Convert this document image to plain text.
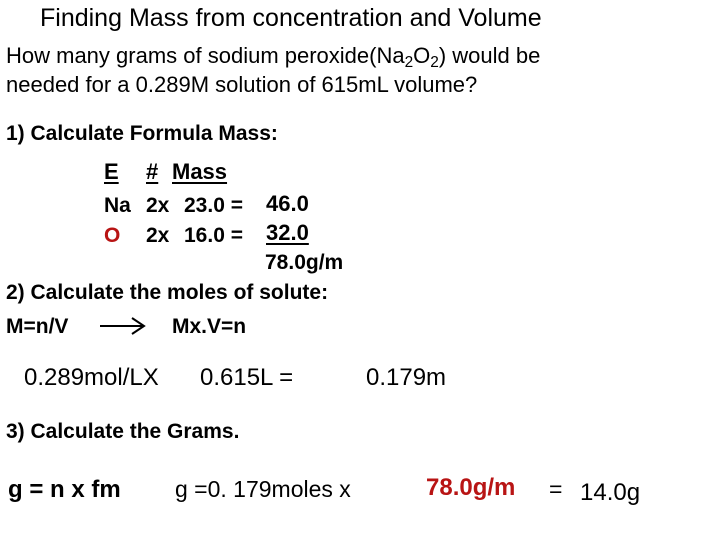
Finding Mass from concentration and Volume
How many grams of sodium $peroxide(Na_2O_2)$ would be
needed for a 0.289M solution of 615mL volume?
1) Calculate Formula Mass:
E # Mass
Na 2x 23.0 = 46.0
O 2x 16.0 = 32.0
78.0g/m
2) Calculate the moles of solute:
M=n/V	Mx.V=n
0.289mol/LX 0.615L =	0.179m
3) Calculate the Grams.
g = n x fm g =0. 179moles x	78.0g/m = 14.0g
